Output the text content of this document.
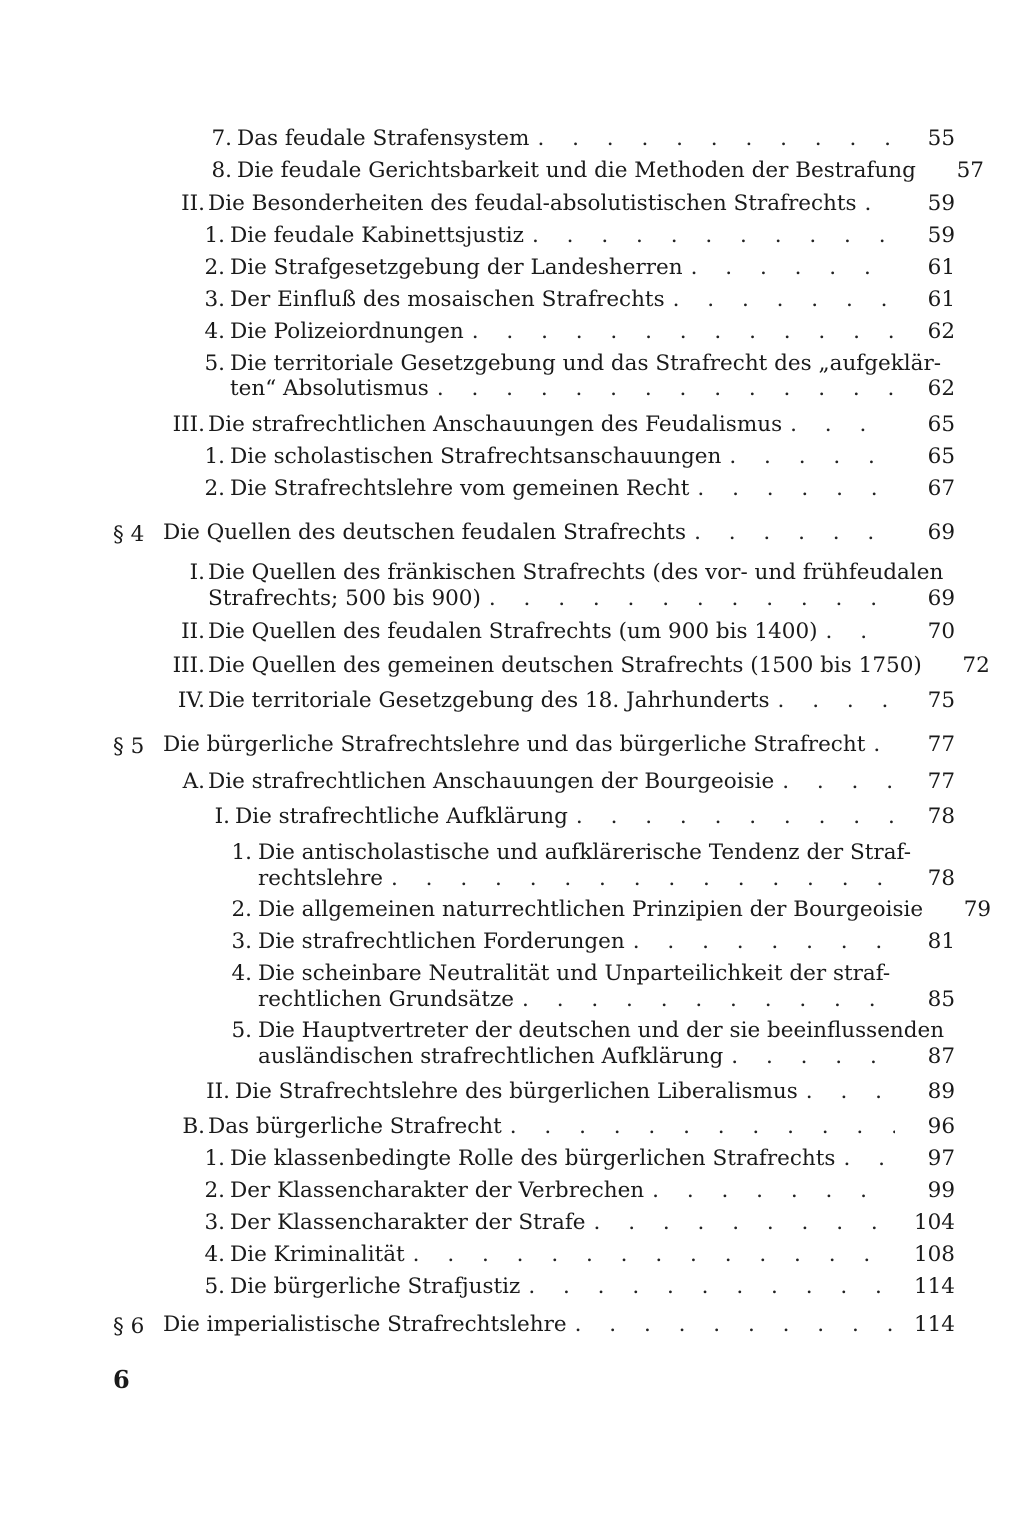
7. Das feudale Strafensystem . . .	55
8. Die feudale Gerichtsbarkeit und die Methoden der Bestrafung . . .	57
II. Die Besonderheiten des feudal-absolutistischen Strafrechts . . .	59
1. Die feudale Kabinettsjustiz . . .	59
2. Die Strafgesetzgebung der Landesherren . . .	61
3. Der Einfluß des mosaischen Strafrechts . . .	61
4. Die Polizeiordnungen . . .	62
5. Die territoriale Gesetzgebung und das Strafrecht des „aufgeklär-
ten“ Absolutismus . . .	62
III. Die strafrechtlichen Anschauungen des Feudalismus . . .	65
1. Die scholastischen Strafrechtsanschauungen . . .	65
2. Die Strafrechtslehre vom gemeinen Recht . . .	67
§ 4 Die Quellen des deutschen feudalen Strafrechts . . .	69
I. Die Quellen des fränkischen Strafrechts (des vor- und frühfeudalen
Strafrechts; 500 bis 900) . . .	69
II. Die Quellen des feudalen Strafrechts (um 900 bis 1400) . . .	70
III. Die Quellen des gemeinen deutschen Strafrechts (1500 bis 1750) . . .	72
IV. Die territoriale Gesetzgebung des 18. Jahrhunderts . . .	75
§ 5 Die bürgerliche Strafrechtslehre und das bürgerliche Strafrecht . . .	77
A. Die strafrechtlichen Anschauungen der Bourgeoisie . . .	77
I. Die strafrechtliche Aufklärung . . .	78
1. Die antischolastische und aufklärerische Tendenz der Straf-
rechtslehre . . .	78
2. Die allgemeinen naturrechtlichen Prinzipien der Bourgeoisie . . .	79
3. Die strafrechtlichen Forderungen . . .	81
4. Die scheinbare Neutralität und Unparteilichkeit der straf-
rechtlichen Grundsätze . . .	85
5. Die Hauptvertreter der deutschen und der sie beeinflussenden
ausländischen strafrechtlichen Aufklärung . . .	87
II. Die Strafrechtslehre des bürgerlichen Liberalismus . . .	89
B. Das bürgerliche Strafrecht . . .	96
1. Die klassenbedingte Rolle des bürgerlichen Strafrechts . . .	97
2. Der Klassencharakter der Verbrechen . . .	99
3. Der Klassencharakter der Strafe . . .	104
4. Die Kriminalität . . .	108
5. Die bürgerliche Strafjustiz . . .	114
§ 6 Die imperialistische Strafrechtslehre . . .	114
6
